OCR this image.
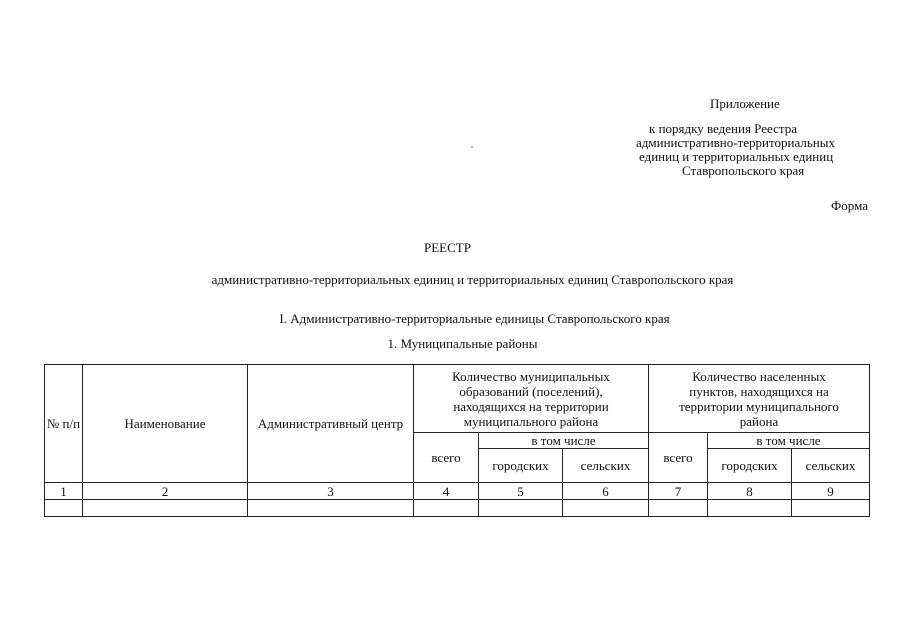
Приложение
к порядку ведения Реестра
административно-территориальных
единиц и территориальных единиц
Ставропольского края
Форма
РЕЕСТР
административно-территориальных единиц и территориальных единиц Ставропольского края
I. Административно-территориальные единицы Ставропольского края
1. Муниципальные районы
№ п/п	Наименование	Административный центр	Количество муниципальных образований (поселений), находящихся на территории муниципального района			Количество населенных пунктов, находящихся на территории муниципального района		
			всего	в том числе		всего	в том числе	
				городских	сельских		городских	сельских
1	2	3	4	5	6	7	8	9
